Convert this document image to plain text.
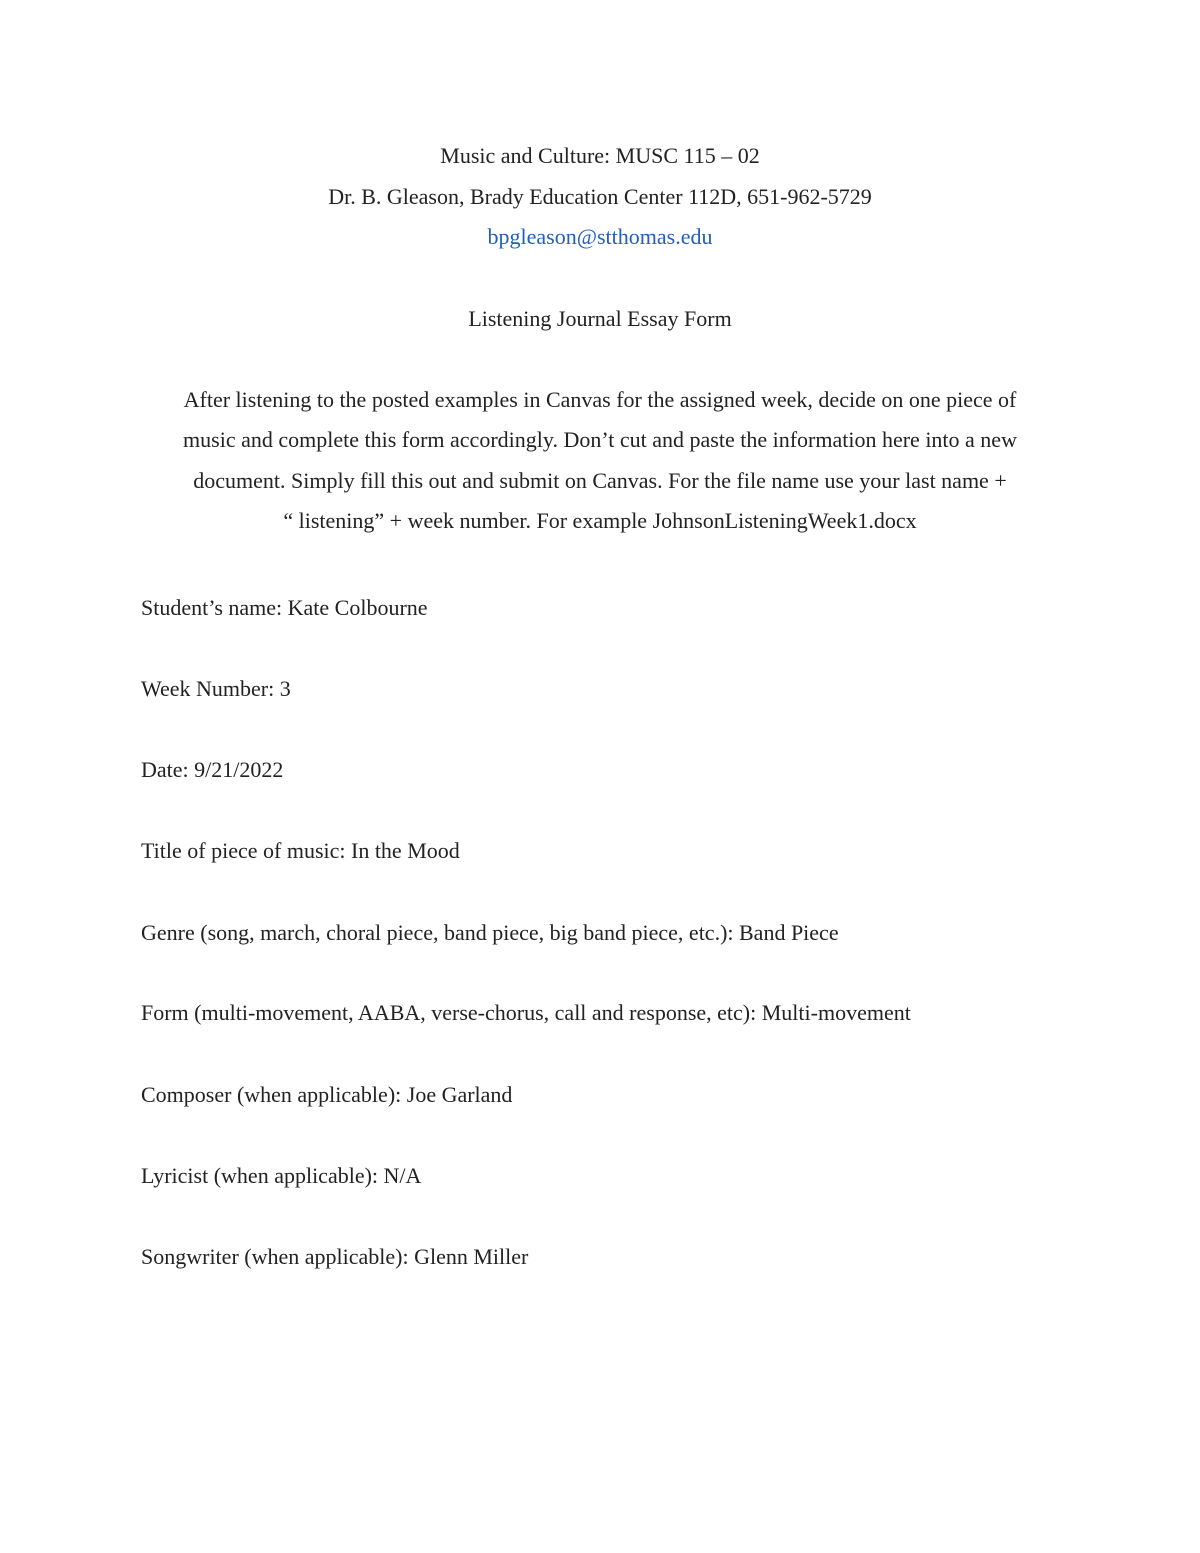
Music and Culture: MUSC 115 – 02
Dr. B. Gleason, Brady Education Center 112D, 651-962-5729
bpgleason@stthomas.edu
Listening Journal Essay Form
After listening to the posted examples in Canvas for the assigned week, decide on one piece of
music and complete this form accordingly. Don’t cut and paste the information here into a new
document. Simply fill this out and submit on Canvas. For the file name use your last name +
“ listening” + week number. For example JohnsonListeningWeek1.docx
Student’s name: Kate Colbourne
Week Number: 3
Date: 9/21/2022
Title of piece of music: In the Mood
Genre (song, march, choral piece, band piece, big band piece, etc.): Band Piece
Form (multi-movement, AABA, verse-chorus, call and response, etc): Multi-movement
Composer (when applicable): Joe Garland
Lyricist (when applicable): N/A
Songwriter (when applicable): Glenn Miller
